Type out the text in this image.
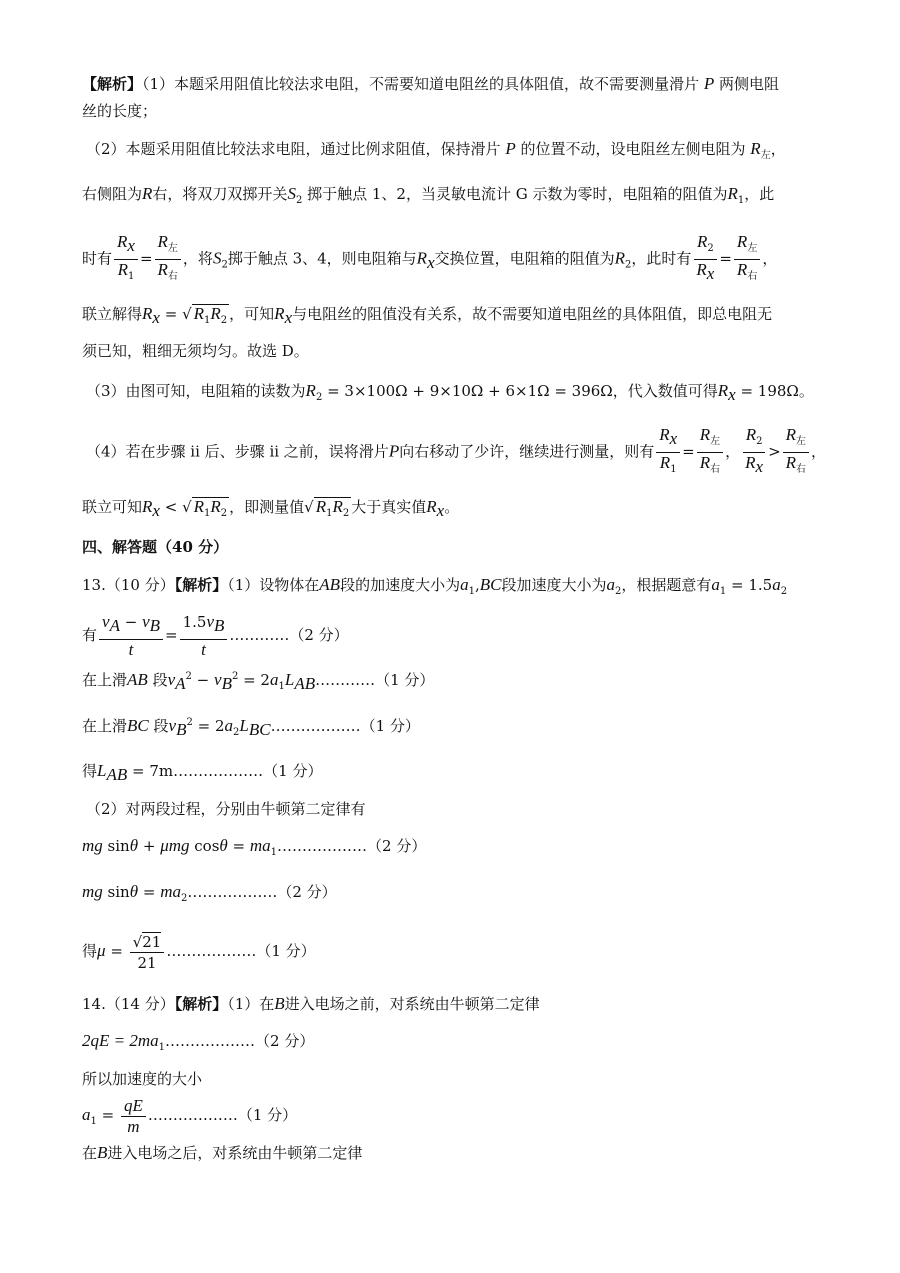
【解析】（1）本题采用阻值比较法求电阻，不需要知道电阻丝的具体阻值，故不需要测量滑片 P 两侧电阻
丝的长度；
（2）本题采用阻值比较法求电阻，通过比例求阻值，保持滑片 P 的位置不动，设电阻丝左侧电阻为 $R_左$，
右侧阻为R右，将双刀双掷开关$S_2$ 掷于触点 1、2，当灵敏电流计 G 示数为零时，电阻箱的阻值为$R_1$，此
时有 $\frac{R_x}{R_1} = \frac{R_左}{R_右}$ ，将$S_2$掷于触点 3、4，则电阻箱与$R_x$交换位置，电阻箱的阻值为$R_2$，此时有 $\frac{R_2}{R_x} = \frac{R_左}{R_右}$ ，
联立解得$R_x$ = √ $R_1R_2$ ，可知$R_x$与电阻丝的阻值没有关系，故不需要知道电阻丝的具体阻值，即总电阻无
须已知，粗细无须均匀。故选 D。
（3）由图可知，电阻箱的读数为$R_2 = 3\times 100\Omega + 9\times 10\Omega + 6\times 1\Omega = 396\Omega$，代入数值可得$R_x = 198\Omega$。
（4）若在步骤 ii 后、步骤 ii 之前，误将滑片P向右移动了少许，继续进行测量，则有 $\frac{R_x}{R_1} = \frac{R_左}{R_右}$ ， $\frac{R_2}{R_x} > \frac{R_左}{R_右}$ ，
联立可知$R_x$ < √ $R_1R_2$ ，即测量值√ $R_1R_2$ 大于真实值$R_x$。
四、解答题（40 分）
13.（10 分）【解析】（1）设物体在AB段的加速度大小为$a_1,BC$段加速度大小为$a_2$，根据题意有$a_1 = 1.5a_2$
有 $\frac{v_A - v_B}{t} = \frac{1.5v_B}{t}$ …………（2 分）
在上滑AB 段$v_A^2 - v_B^2$ = $2a_1L_{AB}\dots\dots\dots\dots(1$ 分）
在上滑BC 段$v_B^2$ = $2a_2L_{BC}\dots\dots\dots\dots\dots\dots(1$ 分）
得$L_{AB}$ = 7m………………（1 分）
（2）对两段过程，分别由牛顿第二定律有
mg sinθ + μmg $\cos\theta = ma_1\dots\dots\dots\dots\dots\dots(2$ 分）
mg $\sin\theta = ma_2\dots\dots\dots\dots\dots\dots(2$ 分）
得$\mu = \frac{√21}{21}$ ………………（1 分）
14.（14 分）【解析】（1）在B进入电场之前，对系统由牛顿第二定律
$2qE = 2ma_1\dots\dots\dots\dots\dots\dots(2$ 分）
所以加速度的大小
$a_1 = \frac{qE}{m}$ ………………（1 分）
在B进入电场之后，对系统由牛顿第二定律
